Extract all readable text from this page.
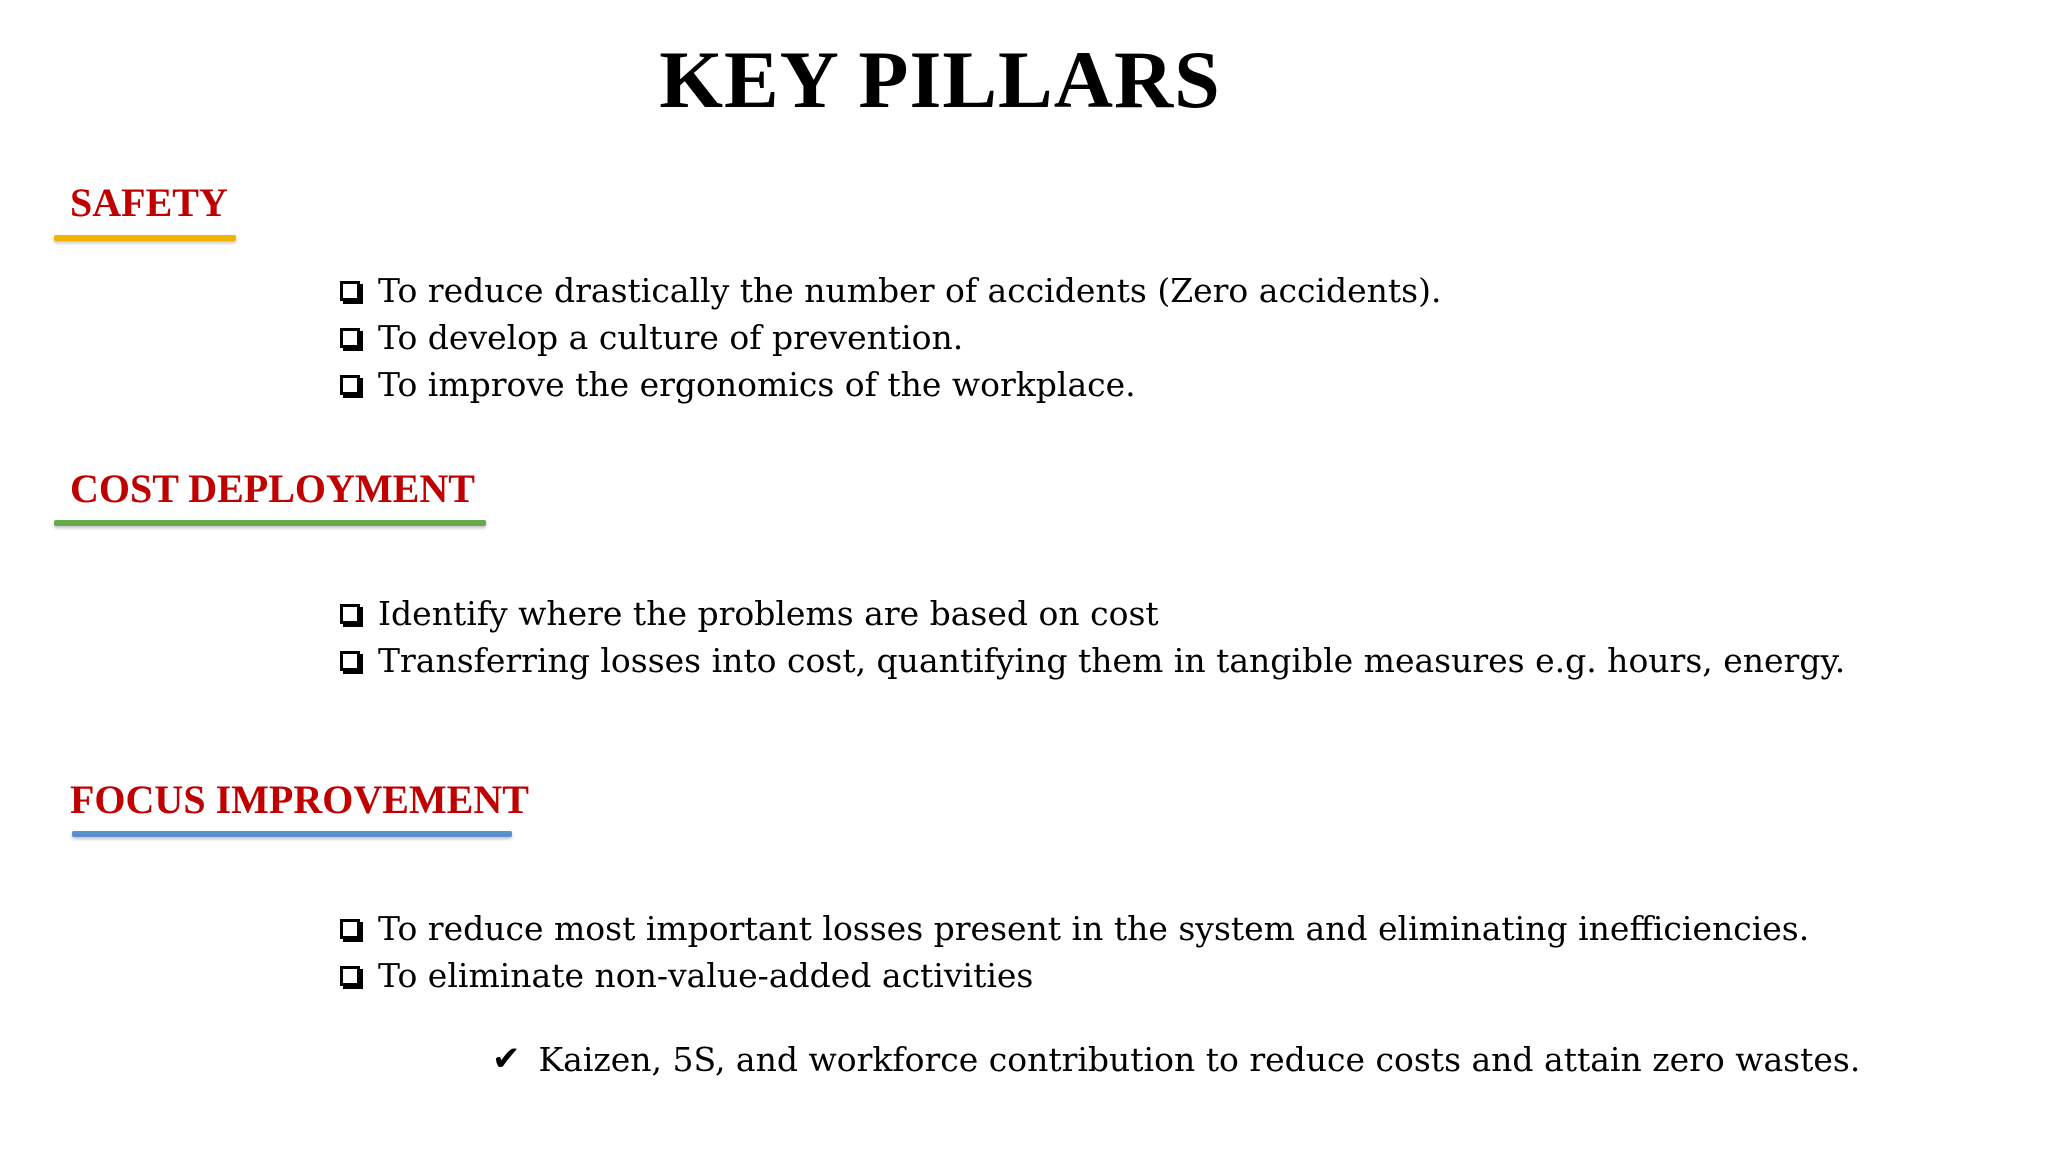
KEY PILLARS
SAFETY
To reduce drastically the number of accidents (Zero accidents).
To develop a culture of prevention.
To improve the ergonomics of the workplace.
COST DEPLOYMENT
Identify where the problems are based on cost
Transferring losses into cost, quantifying them in tangible measures e.g. hours, energy.
FOCUS IMPROVEMENT
To reduce most important losses present in the system and eliminating inefficiencies.
To eliminate non-value-added activities
✔ Kaizen, 5S, and workforce contribution to reduce costs and attain zero wastes.
